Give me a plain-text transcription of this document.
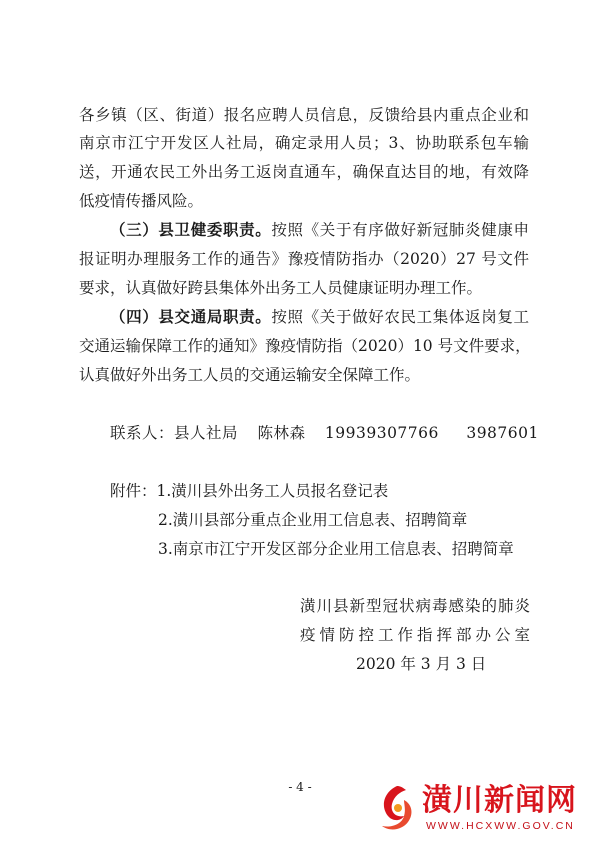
各乡镇（区、街道）报名应聘人员信息，反馈给县内重点企业和
南京市江宁开发区人社局，确定录用人员；3、协助联系包车输
送，开通农民工外出务工返岗直通车，确保直达目的地，有效降
低疫情传播风险。
（三）县卫健委职责。按照《关于有序做好新冠肺炎健康申
报证明办理服务工作的通告》豫疫情防指办（2020）27 号文件
要求，认真做好跨县集体外出务工人员健康证明办理工作。
（四）县交通局职责。按照《关于做好农民工集体返岗复工
交通运输保障工作的通知》豫疫情防指（2020）10 号文件要求，
认真做好外出务工人员的交通运输安全保障工作。
联系人：县人社局 陈林森 19939307766 3987601
附件：1.潢川县外出务工人员报名登记表
2.潢川县部分重点企业用工信息表、招聘简章
3.南京市江宁开发区部分企业用工信息表、招聘简章
潢川县新型冠状病毒感染的肺炎
疫情防控工作指挥部办公室
2020 年 3 月 3 日
- 4 -	潢川新闻网
WWW.HCXWW.GOV.CN
